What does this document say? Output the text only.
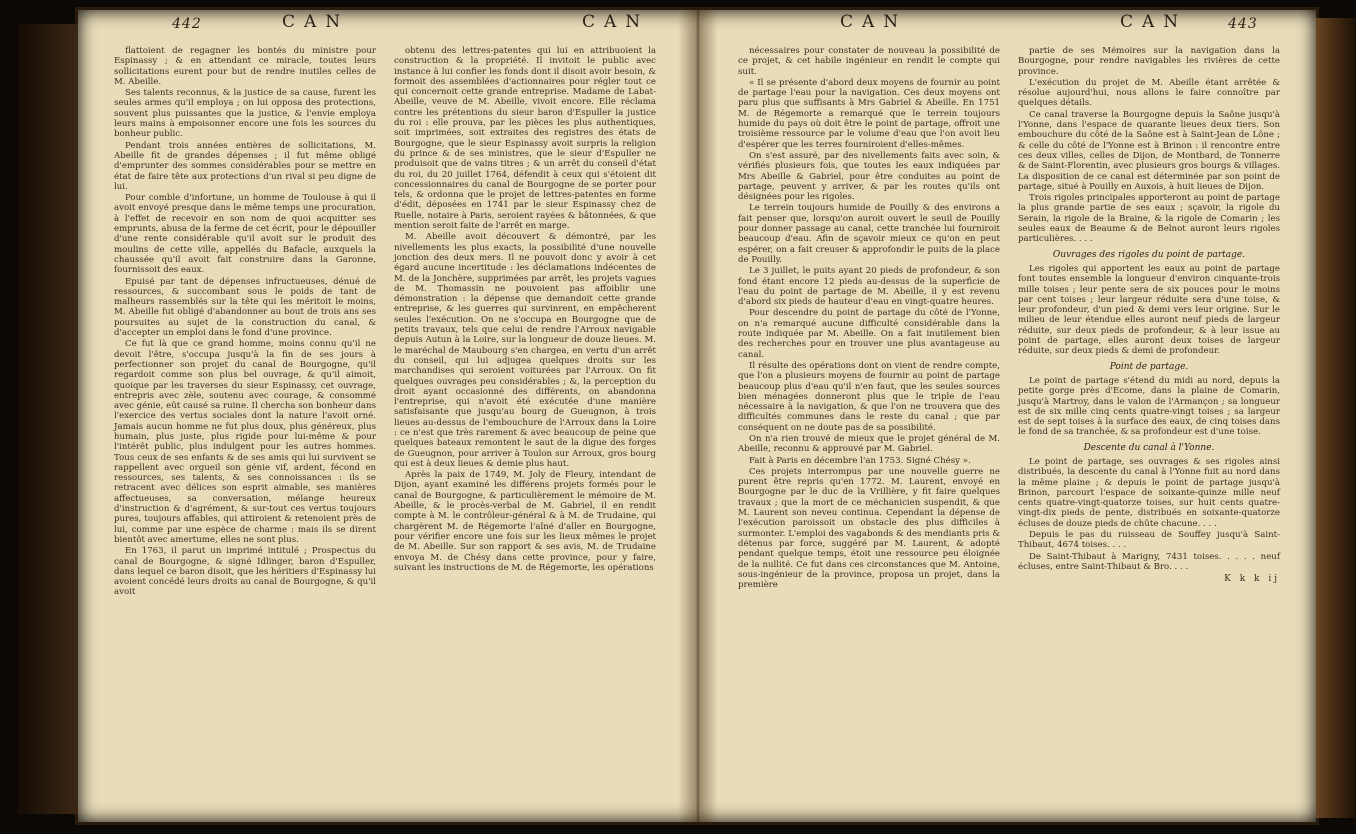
442	CAN	CAN

flattoient de regagner les bontés du ministre pour Espinassy ; & en attendant ce miracle, toutes leurs sollicitations eurent pour but de rendre inutiles celles de M. Abeille.

Ses talents reconnus, & la justice de sa cause, furent les seules armes qu'il employa ; on lui opposa des protections, souvent plus puissantes que la justice, & l'envie employa leurs mains à empoisonner encore une fois les sources du bonheur public.

Pendant trois années entières de sollicitations, M. Abeille fit de grandes dépenses ; il fut même obligé d'emprunter des sommes considérables pour se mettre en état de faire tête aux protections d'un rival si peu digne de lui.

Pour comble d'infortune, un homme de Toulouse à qui il avoit envoyé presque dans le même temps une procuration, à l'effet de recevoir en son nom de quoi acquitter ses emprunts, abusa de la ferme de cet écrit, pour le dépouiller d'une rente considérable qu'il avoit sur le produit des moulins de cette ville, appellés du Bafacle, auxquels la chaussée qu'il avoit fait construire dans la Garonne, fournissoit des eaux.

Epuisé par tant de dépenses infructueuses, dénué de ressources, & succombant sous le poids de tant de malheurs rassemblés sur la tête qui les méritoit le moins, M. Abeille fut obligé d'abandonner au bout de trois ans ses poursuites au sujet de la construction du canal, & d'accepter un emploi dans le fond d'une province.

Ce fut là que ce grand homme, moins connu qu'il ne devoit l'être, s'occupa jusqu'à la fin de ses jours à perfectionner son projet du canal de Bourgogne, qu'il regardoit comme son plus bel ouvrage, & qu'il aimoit, quoique par les traverses du sieur Espinassy, cet ouvrage, entrepris avec zèle, soutenu avec courage, & consommé avec génie, eût causé sa ruine. Il chercha son bonheur dans l'exercice des vertus sociales dont la nature l'avoit orné. Jamais aucun homme ne fut plus doux, plus généreux, plus humain, plus juste, plus rigide pour lui-même & pour l'intérêt public, plus indulgent pour les autres hommes. Tous ceux de ses enfants & de ses amis qui lui survivent se rappellent avec orgueil son génie vif, ardent, fécond en ressources, ses talents, & ses connoissances : ils se retracent avec délices son esprit aimable, ses manières affectueuses, sa conversation, mélange heureux d'instruction & d'agrément, & sur-tout ces vertus toujours pures, toujours affables, qui attiroient & retenoient près de lui, comme par une espèce de charme : mais ils se dirent bientôt avec amertume, elles ne sont plus.

En 1763, il parut un imprimé intitulé ; Prospectus du canal de Bourgogne, & signé Idlinger, baron d'Espuller, dans lequel ce baron disoit, que les héritiers d'Espinassy lui avoient concédé leurs droits au canal de Bourgogne, & qu'il avoit

obtenu des lettres-patentes qui lui en attribuoient la construction & la propriété. Il invitoit le public avec instance à lui confier les fonds dont il disoit avoir besoin, & formoit des assemblées d'actionnaires pour régler tout ce qui concernoit cette grande entreprise. Madame de Labat-Abeille, veuve de M. Abeille, vivoit encore. Elle réclama contre les prétentions du sieur baron d'Espuller la justice du roi : elle prouva, par les pièces les plus authentiques, soit imprimées, soit extraites des registres des états de Bourgogne, que le sieur Espinassy avoit surpris la religion du prince & de ses ministres, que le sieur d'Espuller ne produisoit que de vains titres ; & un arrêt du conseil d'état du roi, du 20 juillet 1764, défendit à ceux qui s'étoient dit concessionnaires du canal de Bourgogne de se porter pour tels, & ordonna que le projet de lettres-patentes en forme d'édit, déposées en 1741 par le sieur Espinassy chez de Ruelle, notaire à Paris, seroient rayées & bâtonnées, & que mention seroit faite de l'arrêt en marge.

M. Abeille avoit découvert & démontré, par les nivellements les plus exacts, la possibilité d'une nouvelle jonction des deux mers. Il ne pouvoit donc y avoir à cet égard aucune incertitude : les déclamations indécentes de M. de la Jonchère, supprimées par arrêt, les projets vagues de M. Thomassin ne pouvoient pas affoiblir une démonstration : la dépense que demandoit cette grande entreprise, & les guerres qui survinrent, en empêcherent seules l'exécution. On ne s'occupa en Bourgogne que de petits travaux, tels que celui de rendre l'Arroux navigable depuis Autun à la Loire, sur la longueur de douze lieues. M. le maréchal de Maubourg s'en chargea, en vertu d'un arrêt du conseil, qui lui adjugea quelques droits sur les marchandises qui seroient voiturées par l'Arroux. On fit quelques ouvrages peu considérables ; &, la perception du droit ayant occasionné des différents, on abandonna l'entreprise, qui n'avoit été exécutée d'une manière satisfaisante que jusqu'au bourg de Gueugnon, à trois lieues au-dessus de l'embouchure de l'Arroux dans la Loire : ce n'est que très rarement & avec beaucoup de peine que quelques bateaux remontent le saut de la digue des forges de Gueugnon, pour arriver à Toulon sur Arroux, gros bourg qui est à deux lieues & demie plus haut.

Après la paix de 1749, M. Joly de Fleury, intendant de Dijon, ayant examiné les différens projets formés pour le canal de Bourgogne, & particulièrement le mémoire de M. Abeille, & le procès-verbal de M. Gabriel, il en rendit compte à M. le contrôleur-général & à M. de Trudaine, qui chargèrent M. de Régemorte l'aîné d'aller en Bourgogne, pour vérifier encore une fois sur les lieux mêmes le projet de M. Abeille. Sur son rapport & ses avis, M. de Trudaine envoya M. de Chésy dans cette province, pour y faire, suivant les instructions de M. de Régemorte, les opérations

CAN	CAN	443

nécessaires pour constater de nouveau la possibilité de ce projet, & cet habile ingénieur en rendit le compte qui suit.

« Il se présente d'abord deux moyens de fournir au point de partage l'eau pour la navigation. Ces deux moyens ont paru plus que suffisants à Mrs Gabriel & Abeille. En 1751 M. de Régemorte a remarqué que le terrein toujours humide du pays où doit être le point de partage, offroit une troisième ressource par le volume d'eau que l'on avoit lieu d'espérer que les terres fourniroient d'elles-mêmes.

On s'est assuré, par des nivellements faits avec soin, & vérifiés plusieurs fois, que toutes les eaux indiquées par Mrs Abeille & Gabriel, pour être conduites au point de partage, peuvent y arriver, & par les routes qu'ils ont désignées pour les rigoles.

Le terrein toujours humide de Pouilly & des environs a fait penser que, lorsqu'on auroit ouvert le seuil de Pouilly pour donner passage au canal, cette tranchée lui fourniroit beaucoup d'eau. Afin de sçavoir mieux ce qu'on en peut espérer, on a fait creuser & approfondir le puits de la place de Pouilly.

Le 3 juillet, le puits ayant 20 pieds de profondeur, & son fond étant encore 12 pieds au-dessus de la superficie de l'eau du point de partage de M. Abeille, il y est revenu d'abord six pieds de hauteur d'eau en vingt-quatre heures.

Pour descendre du point de partage du côté de l'Yonne, on n'a remarqué aucune difficulté considérable dans la route indiquée par M. Abeille. On a fait inutilement bien des recherches pour en trouver une plus avantageuse au canal.

Il résulte des opérations dont on vient de rendre compte, que l'on a plusieurs moyens de fournir au point de partage beaucoup plus d'eau qu'il n'en faut, que les seules sources bien ménagées donneront plus que le triple de l'eau nécessaire à la navigation, & que l'on ne trouvera que des difficultés communes dans le reste du canal ; que par conséquent on ne doute pas de sa possibilité.

On n'a rien trouvé de mieux que le projet général de M. Abeille, reconnu & approuvé par M. Gabriel.

Fait à Paris en décembre l'an 1753. Signé Chésy ».

Ces projets interrompus par une nouvelle guerre ne purent être repris qu'en 1772. M. Laurent, envoyé en Bourgogne par le duc de la Vrillière, y fit faire quelques travaux ; que la mort de ce méchanicien suspendit, & que M. Laurent son neveu continua. Cependant la dépense de l'exécution paroissoit un obstacle des plus difficiles à surmonter. L'emploi des vagabonds & des mendiants pris & détenus par force, suggéré par M. Laurent, & adopté pendant quelque temps, étoit une ressource peu éloignée de la nullité. Ce fut dans ces circonstances que M. Antoine, sous-ingénieur de la province, proposa un projet, dans la première

partie de ses Mémoires sur la navigation dans la Bourgogne, pour rendre navigables les rivières de cette province.

L'exécution du projet de M. Abeille étant arrêtée & résolue aujourd'hui, nous allons le faire connoître par quelques détails.

Ce canal traverse la Bourgogne depuis la Saône jusqu'à l'Yonne, dans l'espace de quarante lieues deux tiers. Son embouchure du côté de la Saône est à Saint-Jean de Lône ; & celle du côté de l'Yonne est à Brinon : il rencontre entre ces deux villes, celles de Dijon, de Montbard, de Tonnerre & de Saint-Florentin, avec plusieurs gros bourgs & villages. La disposition de ce canal est déterminée par son point de partage, situé à Pouilly en Auxois, à huit lieues de Dijon.

Trois rigoles principales apporteront au point de partage la plus grande partie de ses eaux ; sçavoir, la rigole du Serain, la rigole de la Braine, & la rigole de Comarin ; les seules eaux de Beaume & de Belnot auront leurs rigoles particulières. . . .

Ouvrages des rigoles du point de partage.

Les rigoles qui apportent les eaux au point de partage font toutes ensemble la longueur d'environ cinquante-trois mille toises ; leur pente sera de six pouces pour le moins par cent toises ; leur largeur réduite sera d'une toise, & leur profondeur, d'un pied & demi vers leur origine. Sur le milieu de leur étendue elles auront neuf pieds de largeur réduite, sur deux pieds de profondeur, & à leur issue au point de partage, elles auront deux toises de largeur réduite, sur deux pieds & demi de profondeur.

Point de partage.

Le point de partage s'étend du midi au nord, depuis la petite gorge près d'Ecome, dans la plaine de Comarin, jusqu'à Martroy, dans le valon de l'Armançon ; sa longueur est de six mille cinq cents quatre-vingt toises ; sa largeur est de sept toises à la surface des eaux, de cinq toises dans le fond de sa tranchée, & sa profondeur est d'une toise.

Descente du canal à l'Yonne.

Le point de partage, ses ouvrages & ses rigoles ainsi distribués, la descente du canal à l'Yonne fuit au nord dans la même plaine ; & depuis le point de partage jusqu'à Brinon, parcourt l'espace de soixante-quinze mille neuf cents quatre-vingt-quatorze toises, sur huit cents quatre-vingt-dix pieds de pente, distribués en soixante-quatorze écluses de douze pieds de chûte chacune. . . .

Depuis le pas du ruisseau de Souffey jusqu'à Saint-Thibaut, 4674 toises. . . .

De Saint-Thibaut à Marigny, 7431 toises. . . . . neuf écluses, entre Saint-Thibaut & Bro. . . .

K k k ij
